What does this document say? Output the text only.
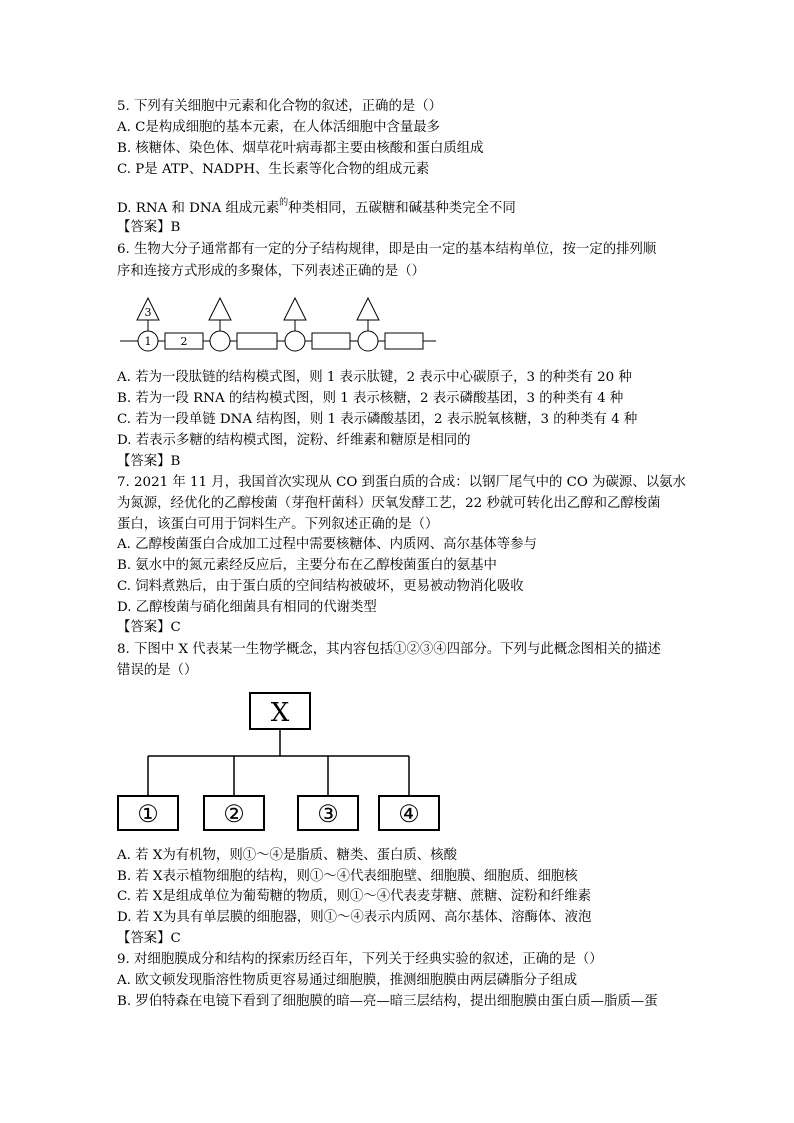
5. 下列有关细胞中元素和化合物的叙述，正确的是（）
A. C是构成细胞的基本元素，在人体活细胞中含量最多
B. 核糖体、染色体、烟草花叶病毒都主要由核酸和蛋白质组成
C. P是 ATP、NADPH、生长素等化合物的组成元素
D. RNA 和 DNA 组成元素$^的$种类相同，五碳糖和碱基种类完全不同
【答案】B
6. 生物大分子通常都有一定的分子结构规律，即是由一定的基本结构单位，按一定的排列顺
序和连接方式形成的多聚体，下列表述正确的是（）
3
1	2
A. 若为一段肽链的结构模式图，则 1 表示肽键，2 表示中心碳原子，3 的种类有 20 种
B. 若为一段 RNA 的结构模式图，则 1 表示核糖，2 表示磷酸基团，3 的种类有 4 种
C. 若为一段单链 DNA 结构图，则 1 表示磷酸基团，2 表示脱氧核糖，3 的种类有 4 种
D. 若表示多糖的结构模式图，淀粉、纤维素和糖原是相同的
【答案】B
7. 2021 年 11 月，我国首次实现从 CO 到蛋白质的合成：以钢厂尾气中的 CO 为碳源、以氨水
为氮源，经优化的乙醇梭菌（芽孢杆菌科）厌氧发酵工艺，22 秒就可转化出乙醇和乙醇梭菌
蛋白，该蛋白可用于饲料生产。下列叙述正确的是（）
A. 乙醇梭菌蛋白合成加工过程中需要核糖体、内质网、高尔基体等参与
B. 氨水中的氮元素经反应后，主要分布在乙醇梭菌蛋白的氨基中
C. 饲料煮熟后，由于蛋白质的空间结构被破坏，更易被动物消化吸收
D. 乙醇梭菌与硝化细菌具有相同的代谢类型
【答案】C
8. 下图中 X 代表某一生物学概念，其内容包括①②③④四部分。下列与此概念图相关的描述
错误的是（）
X
①	②	③ ④
A. 若 X为有机物，则①～④是脂质、糖类、蛋白质、核酸
B. 若 X表示植物细胞的结构，则①～④代表细胞壁、细胞膜、细胞质、细胞核
C. 若 X是组成单位为葡萄糖的物质，则①～④代表麦芽糖、蔗糖、淀粉和纤维素
D. 若 X为具有单层膜的细胞器，则①～④表示内质网、高尔基体、溶酶体、液泡
【答案】C
9. 对细胞膜成分和结构的探索历经百年，下列关于经典实验的叙述，正确的是（）
A. 欧文顿发现脂溶性物质更容易通过细胞膜，推测细胞膜由两层磷脂分子组成
B. 罗伯特森在电镜下看到了细胞膜的暗—亮—暗三层结构，提出细胞膜由蛋白质—脂质—蛋
